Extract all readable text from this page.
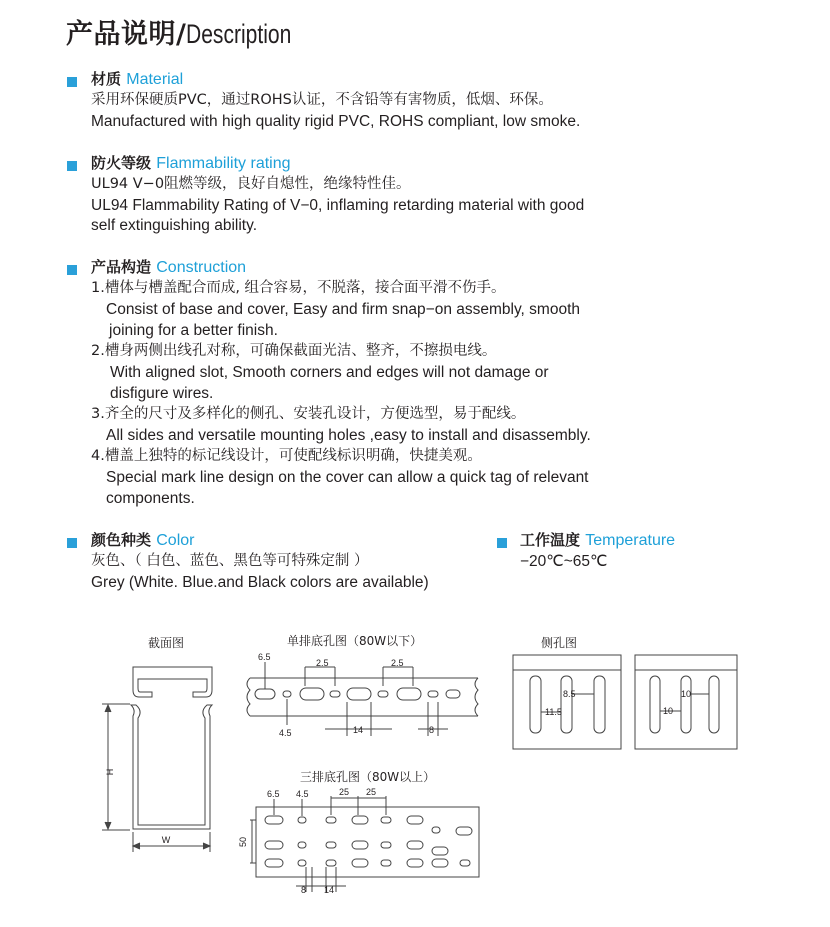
产品说明/Description
材质 Material
采用环保硬质PVC，通过ROHS认证，不含铅等有害物质，低烟、环保。
Manufactured with high quality rigid PVC, ROHS compliant, low smoke.
防火等级 Flammability rating
UL94 V−0阻燃等级，良好自熄性，绝缘特性佳。
UL94 Flammability Rating of V−0, inflaming retarding material with good
self extinguishing ability.
产品构造 Construction
1.槽体与槽盖配合而成, 组合容易，不脱落，接合面平滑不伤手。
Consist of base and cover, Easy and firm snap−on assembly, smooth
joining for a better finish.
2.槽身两侧出线孔对称，可确保截面光洁、整齐，不擦损电线。
With aligned slot, Smooth corners and edges will not damage or
disfigure wires.
3.齐全的尺寸及多样化的侧孔、安装孔设计，方便选型，易于配线。
All sides and versatile mounting holes ,easy to install and disassembly.
4.槽盖上独特的标记线设计，可使配线标识明确，快捷美观。
Special mark line design on the cover can allow a quick tag of relevant
components.
颜色种类 Color
灰色、（ 白色、蓝色、黑色等可特殊定制 ）
Grey (White. Blue.and Black colors are available)
工作温度 Temperature
−20℃~65℃
截面图	单排底孔图（80W以下）	侧孔图
三排底孔图（80W以上）
H
W
6.5
4.5
2.5	2.5
14	8
6.5 4.5	25 25
50
8 14
8.5
11.5
10
10
